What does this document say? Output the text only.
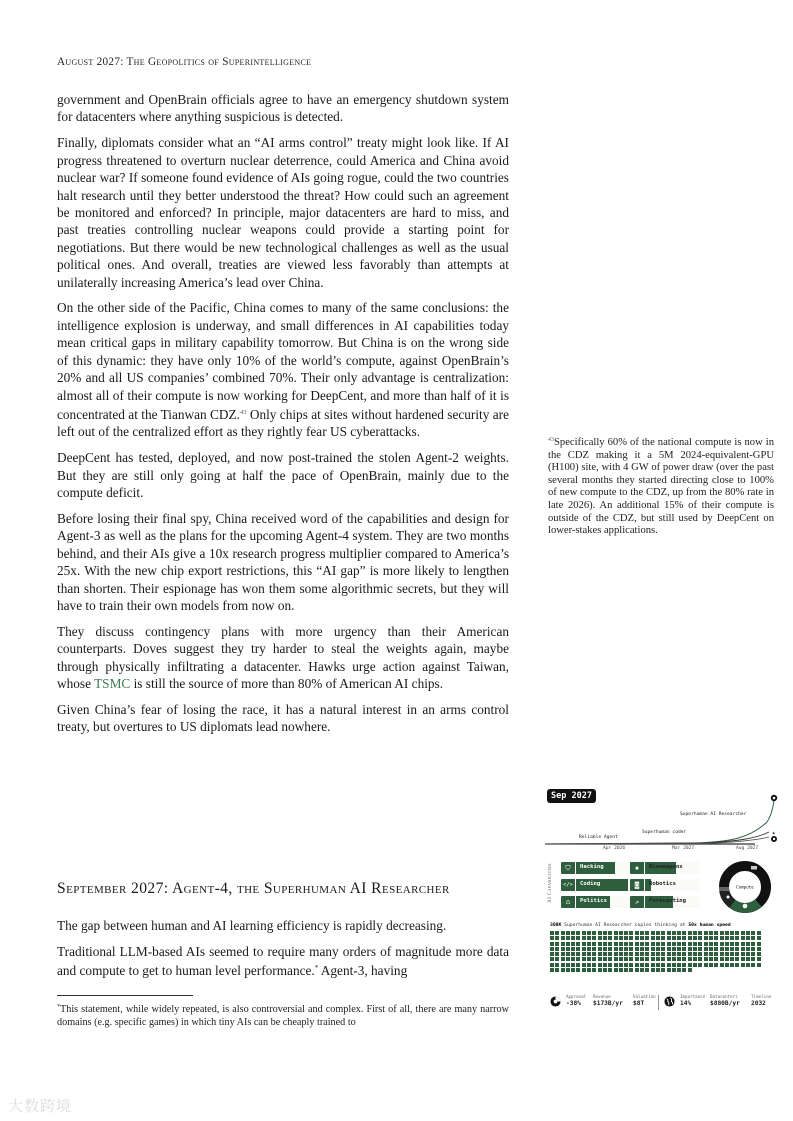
August 2027: The Geopolitics of Superintelligence

government and OpenBrain officials agree to have an emergency shutdown system for datacenters where anything suspicious is detected.

Finally, diplomats consider what an “AI arms control” treaty might look like. If AI progress threatened to overturn nuclear deterrence, could America and China avoid nuclear war? If someone found evidence of AIs going rogue, could the two countries halt research until they better understood the threat? How could such an agreement be monitored and enforced? In principle, major datacenters are hard to miss, and past treaties controlling nuclear weapons could provide a starting point for negotiations. But there would be new technological challenges as well as the usual political ones. And overall, treaties are viewed less favorably than attempts at unilaterally increasing America’s lead over China.

On the other side of the Pacific, China comes to many of the same conclusions: the intelligence explosion is underway, and small differences in AI capabilities today mean critical gaps in military capability tomorrow. But China is on the wrong side of this dynamic: they have only 10% of the world’s compute, against OpenBrain’s 20% and all US companies’ combined 70%. Their only advantage is centralization: almost all of their compute is now working for DeepCent, and more than half of it is concentrated at the Tianwan CDZ.$^{43}$ Only chips at sites without hardened security are left out of the centralized effort as they rightly fear US cyberattacks.

DeepCent has tested, deployed, and now post-trained the stolen Agent-2 weights. But they are still only going at half the pace of OpenBrain, mainly due to the compute deficit.

Before losing their final spy, China received word of the capabilities and design for Agent-3 as well as the plans for the upcoming Agent-4 system. They are two months behind, and their AIs give a 10x research progress multiplier compared to America’s 25x. With the new chip export restrictions, this “AI gap” is more likely to lengthen than shorten. Their espionage has won them some algorithmic secrets, but they will have to train their own models from now on.

They discuss contingency plans with more urgency than their American counterparts. Doves suggest they try harder to steal the weights again, maybe through physically infiltrating a datacenter. Hawks urge action against Taiwan, whose TSMC is still the source of more than 80% of American AI chips.

Given China’s fear of losing the race, it has a natural interest in an arms control treaty, but overtures to US diplomats lead nowhere.

September 2027: Agent-4, the Superhuman AI Researcher

The gap between human and AI learning efficiency is rapidly decreasing.

Traditional LLM-based AIs seemed to require many orders of magnitude more data and compute to get to human level performance.* Agent-3, having

*This statement, while widely repeated, is also controversial and complex. First of all, there are many narrow domains (e.g. specific games) in which tiny AIs can be cheaply trained to
$^{43}$Specifically 60% of the national compute is now in the CDZ making it a 5M 2024-equivalent-GPU (H100) site, with 4 GW of power draw (over the past several months they started directing close to 100% of new compute to the CDZ, up from the 80% rate in late 2026). An additional 15% of their compute is outside of the CDZ, but still used by DeepCent on lower-stakes applications.
★
Sep 2027
Reliable Agent
Superhuman coder
Superhuman AI Researcher
Apr 2026	Mar 2027	Aug 2027
AI Capabilities	⛉	Hacking
</>	Coding
⌂	Politics
✹	Bioweapons
◙	Robotics
↗	Forecasting
Compute
300K Superhuman AI Researcher copies thinking at 50x human speed
Approval
-38%
Revenue
$173B/yr
Valuation
$8T
Importance
14%
Datacenters
$880B/yr
Timeline
2032
大数跨境
